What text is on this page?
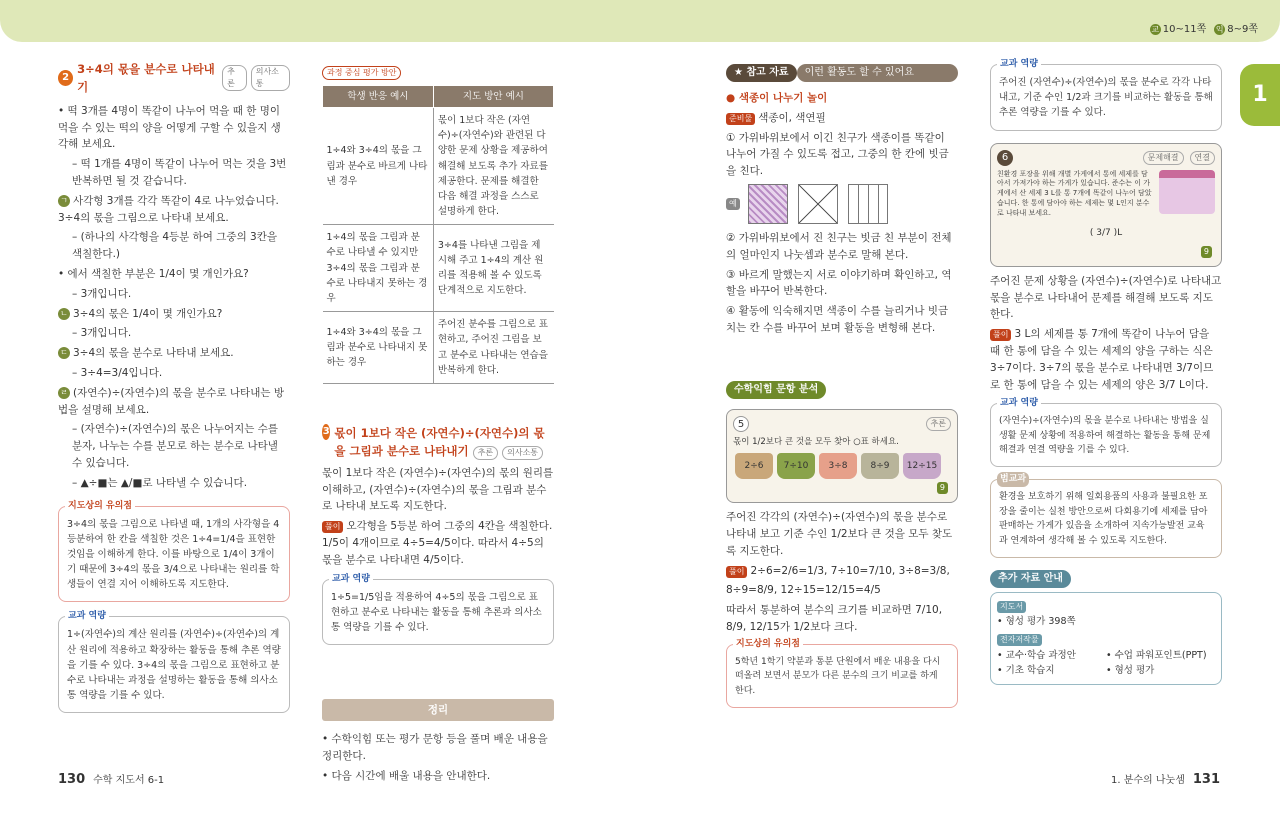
교 10~11쪽 익 8~9쪽
1
2
3÷4의 몫을 분수로 나타내기
추론
의사소통

• 떡 3개를 4명이 똑같이 나누어 먹을 때 한 명이 먹을 수 있는 떡의 양을 어떻게 구할 수 있을지 생각해 보세요.

– 떡 1개를 4명이 똑같이 나누어 먹는 것을 3번 반복하면 될 것 같습니다.

ㄱ 사각형 3개를 각각 똑같이 4로 나누었습니다. 3÷4의 몫을 그림으로 나타내 보세요.

– (하나의 사각형을 4등분 하여 그중의 3칸을 색칠한다.)

• 에서 색칠한 부분은 1/4이 몇 개인가요?

– 3개입니다.

ㄴ 3÷4의 몫은 1/4이 몇 개인가요?

– 3개입니다.

ㄷ 3÷4의 몫을 분수로 나타내 보세요.

– 3÷4=3/4입니다.

ㄹ (자연수)÷(자연수)의 몫을 분수로 나타내는 방법을 설명해 보세요.

– (자연수)÷(자연수)의 몫은 나누어지는 수를 분자, 나누는 수를 분모로 하는 분수로 나타낼 수 있습니다.

– ▲÷■는 ▲/■로 나타낼 수 있습니다.

지도상의 유의점

3÷4의 몫을 그림으로 나타낼 때, 1개의 사각형을 4등분하여 한 칸을 색칠한 것은 1÷4=1/4을 표현한 것임을 이해하게 한다. 이를 바탕으로 1/4이 3개이기 때문에 3÷4의 몫을 3/4으로 나타내는 원리를 학생들이 연결 지어 이해하도록 지도한다.

교과 역량

1÷(자연수)의 계산 원리를 (자연수)÷(자연수)의 계산 원리에 적용하고 확장하는 활동을 통해 추론 역량을 기를 수 있다. 3÷4의 몫을 그림으로 표현하고 분수로 나타내는 과정을 설명하는 활동을 통해 의사소통 역량을 기를 수 있다.

과정 중심 평가 방안
학생 반응 예시	지도 방안 예시
1÷4와 3÷4의 몫을 그림과 분수로 바르게 나타낸 경우	몫이 1보다 작은 (자연수)÷(자연수)와 관련된 다양한 문제 상황을 제공하여 해결해 보도록 추가 자료를 제공한다. 문제를 해결한 다음 해결 과정을 스스로 설명하게 한다.
1÷4의 몫을 그림과 분수로 나타낼 수 있지만 3÷4의 몫을 그림과 분수로 나타내지 못하는 경우	3÷4를 나타낸 그림을 제시해 주고 1÷4의 계산 원리를 적용해 볼 수 있도록 단계적으로 지도한다.
1÷4와 3÷4의 몫을 그림과 분수로 나타내지 못하는 경우	주어진 분수를 그림으로 표현하고, 주어진 그림을 보고 분수로 나타내는 연습을 반복하게 한다.
3 몫이 1보다 작은 (자연수)÷(자연수)의 몫을 그림과 분수로 나타내기 추론 의사소통

몫이 1보다 작은 (자연수)÷(자연수)의 몫의 원리를 이해하고, (자연수)÷(자연수)의 몫을 그림과 분수로 나타내 보도록 지도한다.

풀이 오각형을 5등분 하여 그중의 4칸을 색칠한다. 1/5이 4개이므로 4÷5=4/5이다. 따라서 4÷5의 몫을 분수로 나타내면 4/5이다.

교과 역량

1÷5=1/5임을 적용하여 4÷5의 몫을 그림으로 표현하고 분수로 나타내는 활동을 통해 추론과 의사소통 역량을 기를 수 있다.

정리

• 수학익힘 또는 평가 문항 등을 풀며 배운 내용을 정리한다.

• 다음 시간에 배울 내용을 안내한다.

★ 참고 자료	이런 활동도 할 수 있어요

● 색종이 나누기 놀이

준비물 색종이, 색연필

① 가위바위보에서 이긴 친구가 색종이를 똑같이 나누어 가질 수 있도록 접고, 그중의 한 칸에 빗금을 친다.

예

② 가위바위보에서 진 친구는 빗금 친 부분이 전체의 얼마인지 나눗셈과 분수로 말해 본다.

③ 바르게 말했는지 서로 이야기하며 확인하고, 역할을 바꾸어 반복한다.

④ 활동에 익숙해지면 색종이 수를 늘리거나 빗금 치는 칸 수를 바꾸어 보며 활동을 변형해 본다.

수학익힘 문항 분석
5	추론

몫이 1/2보다 큰 것을 모두 찾아 ○표 하세요.

2÷6 7÷10 3÷8	8÷9 12÷15
9

주어진 각각의 (자연수)÷(자연수)의 몫을 분수로 나타내 보고 기준 수인 1/2보다 큰 것을 모두 찾도록 지도한다.

풀이 2÷6=2/6=1/3, 7÷10=7/10, 3÷8=3/8,

8÷9=8/9, 12÷15=12/15=4/5

따라서 통분하여 분수의 크기를 비교하면 7/10, 8/9, 12/15가 1/2보다 크다.

지도상의 유의점

5학년 1학기 약분과 통분 단원에서 배운 내용을 다시 떠올려 보면서 분모가 다른 분수의 크기 비교를 하게 한다.

교과 역량

주어진 (자연수)÷(자연수)의 몫을 분수로 각각 나타내고, 기준 수인 1/2과 크기를 비교하는 활동을 통해 추론 역량을 기를 수 있다.

6	문제해결	연결

친환경 포장을 위해 개별 가게에서 통에 세제를 담아서 가져가야 하는 가게가 있습니다. 준수는 이 가게에서 산 세제 3 L를 통 7개에 똑같이 나누어 담았습니다. 한 통에 담아야 하는 세제는 몇 L인지 분수로 나타내 보세요.

( 3/7 )L

9

주어진 문제 상황을 (자연수)÷(자연수)로 나타내고 몫을 분수로 나타내어 문제를 해결해 보도록 지도한다.

풀이 3 L의 세제를 통 7개에 똑같이 나누어 담을 때 한 통에 담을 수 있는 세제의 양을 구하는 식은 3÷7이다. 3÷7의 몫을 분수로 나타내면 3/7이므로 한 통에 담을 수 있는 세제의 양은 3/7 L이다.

교과 역량

(자연수)÷(자연수)의 몫을 분수로 나타내는 방법을 실생활 문제 상황에 적용하여 해결하는 활동을 통해 문제해결과 연결 역량을 기를 수 있다.

범교과

환경을 보호하기 위해 일회용품의 사용과 불필요한 포장을 줄이는 실천 방안으로써 다회용기에 세제를 담아 판매하는 가게가 있음을 소개하여 지속가능발전 교육과 연계하여 생각해 볼 수 있도록 지도한다.

추가 자료 안내
지도서

• 형성 평가 398쪽

전자저작물
• 교수·학습 과정안	• 수업 파워포인트(PPT)
• 기초 학습지	• 형성 평가
130 수학 지도서 6-1	1. 분수의 나눗셈 131
